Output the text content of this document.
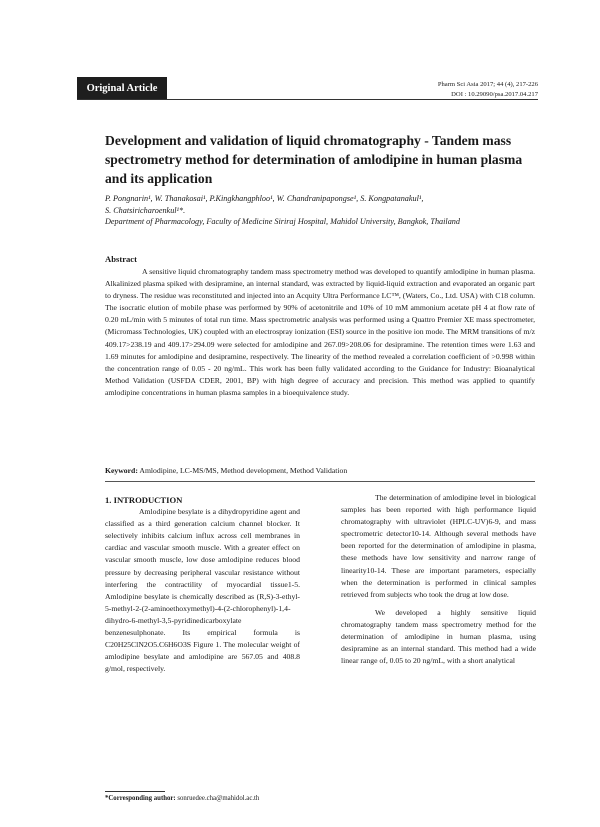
Original Article	Pharm Sci Asia 2017; 44 (4), 217-226
DOI : 10.29090/psa.2017.04.217
Development and validation of liquid chromatography - Tandem mass spectrometry method for determination of amlodipine in human plasma and its application
P. Pongnarin¹, W. Thanakosai¹, P.Kingkhangphloo¹, W. Chandranipapongse¹, S. Kongpatanakul¹,
S. Chatsiricharoenkul¹*.
Department of Pharmacology, Faculty of Medicine Siriraj Hospital, Mahidol University, Bangkok, Thailand
Abstract

A sensitive liquid chromatography tandem mass spectrometry method was developed to quantify amlodipine in human plasma. Alkalinized plasma spiked with desipramine, an internal standard, was extracted by liquid-liquid extraction and evaporated an organic part to dryness. The residue was reconstituted and injected into an Acquity Ultra Performance LC™, (Waters, Co., Ltd. USA) with C18 column. The isocratic elution of mobile phase was performed by 90% of acetonitrile and 10% of 10 mM ammonium acetate pH 4 at flow rate of 0.20 mL/min with 5 minutes of total run time. Mass spectrometric analysis was performed using a Quattro Premier XE mass spectrometer, (Micromass Technologies, UK) coupled with an electrospray ionization (ESI) source in the positive ion mode. The MRM transitions of m/z 409.17>238.19 and 409.17>294.09 were selected for amlodipine and 267.09>208.06 for desipramine. The retention times were 1.63 and 1.69 minutes for amlodipine and desipramine, respectively. The linearity of the method revealed a correlation coefficient of >0.998 within the concentration range of 0.05 - 20 ng/mL. This work has been fully validated according to the Guidance for Industry: Bioanalytical Method Validation (USFDA CDER, 2001, BP) with high degree of accuracy and precision. This method was applied to quantify amlodipine concentrations in human plasma samples in a bioequivalence study.

Keyword: Amlodipine, LC-MS/MS, Method development, Method Validation

1. INTRODUCTION

Amlodipine besylate is a dihydropyridine agent and classified as a third generation calcium channel blocker. It selectively inhibits calcium influx across cell membranes in cardiac and vascular smooth muscle. With a greater effect on vascular smooth muscle, low dose amlodipine reduces blood pressure by decreasing peripheral vascular resistance without interfering the contractility of myocardial tissue1-5. Amlodipine besylate is chemically described as (R,S)-3-ethyl-5-methyl-2-(2-aminoethoxymethyl)-4-(2-chlorophenyl)-1,4-dihydro-6-methyl-3,5-pyridinedicarboxylate benzenesulphonate. Its empirical formula is C20H25ClN2O5.C6H6O3S Figure 1. The molecular weight of amlodipine besylate and amlodipine are 567.05 and 408.8 g/mol, respectively.

The determination of amlodipine level in biological samples has been reported with high performance liquid chromatography with ultraviolet (HPLC-UV)6-9, and mass spectrometric detector10-14. Although several methods have been reported for the determination of amlodipine in plasma, these methods have low sensitivity and narrow range of linearity10-14. These are important parameters, especially when the determination is performed in clinical samples retrieved from subjects who took the drug at low dose.

We developed a highly sensitive liquid chromatography tandem mass spectrometry method for the determination of amlodipine in human plasma, using desipramine as an internal standard. This method had a wide linear range of, 0.05 to 20 ng/mL, with a short analytical

*Corresponding author: sonruedee.cha@mahidol.ac.th
